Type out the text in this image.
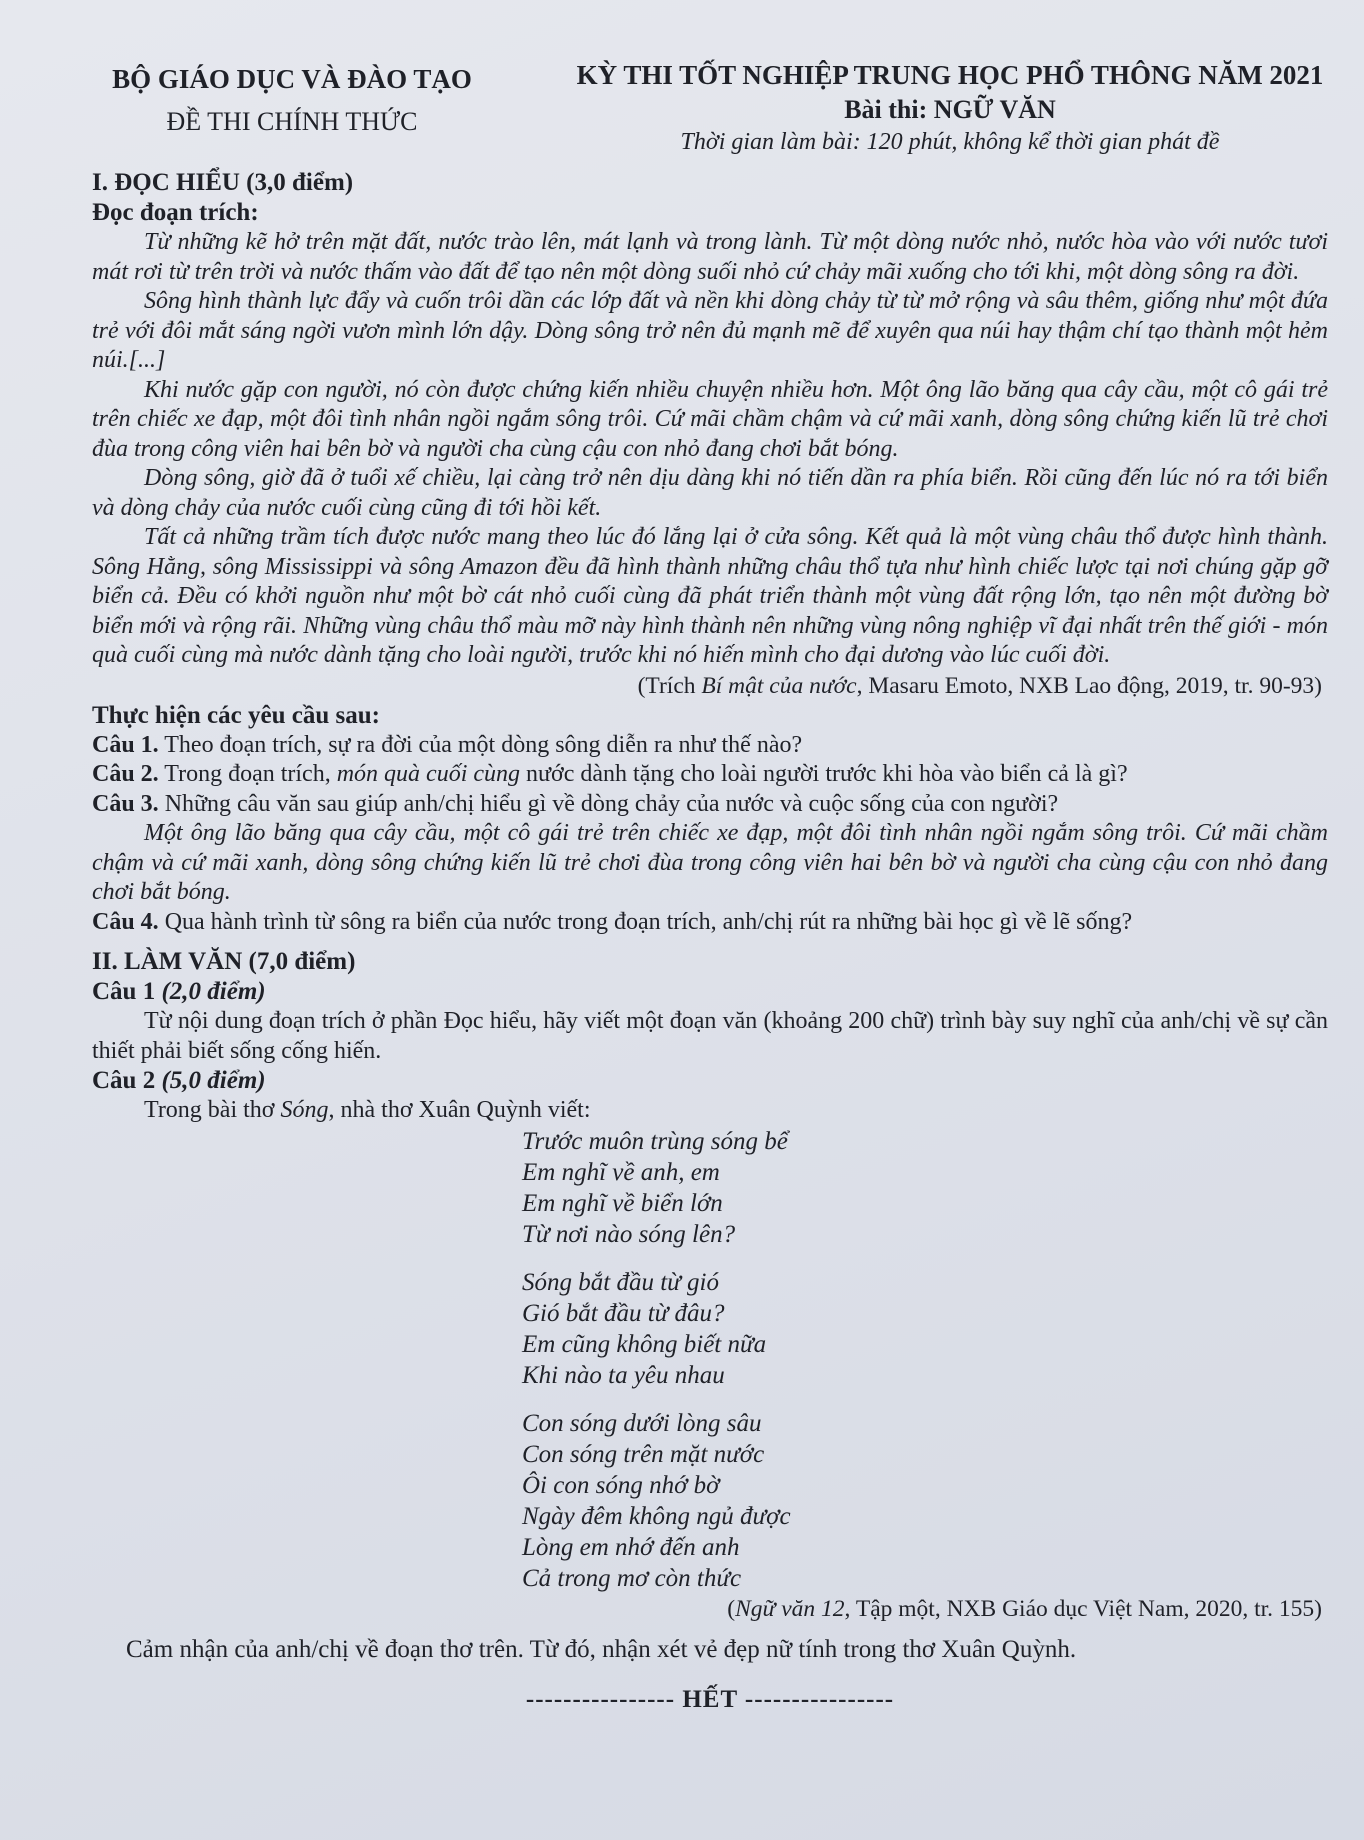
BỘ GIÁO DỤC VÀ ĐÀO TẠO
ĐỀ THI CHÍNH THỨC
KỲ THI TỐT NGHIỆP TRUNG HỌC PHỔ THÔNG NĂM 2021
Bài thi: NGỮ VĂN
Thời gian làm bài: 120 phút, không kể thời gian phát đề
I. ĐỌC HIỂU (3,0 điểm)
Đọc đoạn trích:

Từ những kẽ hở trên mặt đất, nước trào lên, mát lạnh và trong lành. Từ một dòng nước nhỏ, nước hòa vào với nước tươi mát rơi từ trên trời và nước thấm vào đất để tạo nên một dòng suối nhỏ cứ chảy mãi xuống cho tới khi, một dòng sông ra đời.

Sông hình thành lực đẩy và cuốn trôi dần các lớp đất và nền khi dòng chảy từ từ mở rộng và sâu thêm, giống như một đứa trẻ với đôi mắt sáng ngời vươn mình lớn dậy. Dòng sông trở nên đủ mạnh mẽ để xuyên qua núi hay thậm chí tạo thành một hẻm núi.[...]

Khi nước gặp con người, nó còn được chứng kiến nhiều chuyện nhiều hơn. Một ông lão băng qua cây cầu, một cô gái trẻ trên chiếc xe đạp, một đôi tình nhân ngồi ngắm sông trôi. Cứ mãi chầm chậm và cứ mãi xanh, dòng sông chứng kiến lũ trẻ chơi đùa trong công viên hai bên bờ và người cha cùng cậu con nhỏ đang chơi bắt bóng.

Dòng sông, giờ đã ở tuổi xế chiều, lại càng trở nên dịu dàng khi nó tiến dần ra phía biển. Rồi cũng đến lúc nó ra tới biển và dòng chảy của nước cuối cùng cũng đi tới hồi kết.

Tất cả những trầm tích được nước mang theo lúc đó lắng lại ở cửa sông. Kết quả là một vùng châu thổ được hình thành. Sông Hằng, sông Mississippi và sông Amazon đều đã hình thành những châu thổ tựa như hình chiếc lược tại nơi chúng gặp gỡ biển cả. Đều có khởi nguồn như một bờ cát nhỏ cuối cùng đã phát triển thành một vùng đất rộng lớn, tạo nên một đường bờ biển mới và rộng rãi. Những vùng châu thổ màu mỡ này hình thành nên những vùng nông nghiệp vĩ đại nhất trên thế giới - món quà cuối cùng mà nước dành tặng cho loài người, trước khi nó hiến mình cho đại dương vào lúc cuối đời.

(Trích Bí mật của nước, Masaru Emoto, NXB Lao động, 2019, tr. 90-93)
Thực hiện các yêu cầu sau:

Câu 1. Theo đoạn trích, sự ra đời của một dòng sông diễn ra như thế nào?

Câu 2. Trong đoạn trích, món quà cuối cùng nước dành tặng cho loài người trước khi hòa vào biển cả là gì?

Câu 3. Những câu văn sau giúp anh/chị hiểu gì về dòng chảy của nước và cuộc sống của con người?

Một ông lão băng qua cây cầu, một cô gái trẻ trên chiếc xe đạp, một đôi tình nhân ngồi ngắm sông trôi. Cứ mãi chầm chậm và cứ mãi xanh, dòng sông chứng kiến lũ trẻ chơi đùa trong công viên hai bên bờ và người cha cùng cậu con nhỏ đang chơi bắt bóng.

Câu 4. Qua hành trình từ sông ra biển của nước trong đoạn trích, anh/chị rút ra những bài học gì về lẽ sống?

II. LÀM VĂN (7,0 điểm)
Câu 1 (2,0 điểm)

Từ nội dung đoạn trích ở phần Đọc hiểu, hãy viết một đoạn văn (khoảng 200 chữ) trình bày suy nghĩ của anh/chị về sự cần thiết phải biết sống cống hiến.

Câu 2 (5,0 điểm)

Trong bài thơ Sóng, nhà thơ Xuân Quỳnh viết:

Trước muôn trùng sóng bể
Em nghĩ về anh, em
Em nghĩ về biển lớn
Từ nơi nào sóng lên?
Sóng bắt đầu từ gió
Gió bắt đầu từ đâu?
Em cũng không biết nữa
Khi nào ta yêu nhau
Con sóng dưới lòng sâu
Con sóng trên mặt nước
Ôi con sóng nhớ bờ
Ngày đêm không ngủ được
Lòng em nhớ đến anh
Cả trong mơ còn thức
(Ngữ văn 12, Tập một, NXB Giáo dục Việt Nam, 2020, tr. 155)
Cảm nhận của anh/chị về đoạn thơ trên. Từ đó, nhận xét vẻ đẹp nữ tính trong thơ Xuân Quỳnh.
---------------- HẾT ----------------
